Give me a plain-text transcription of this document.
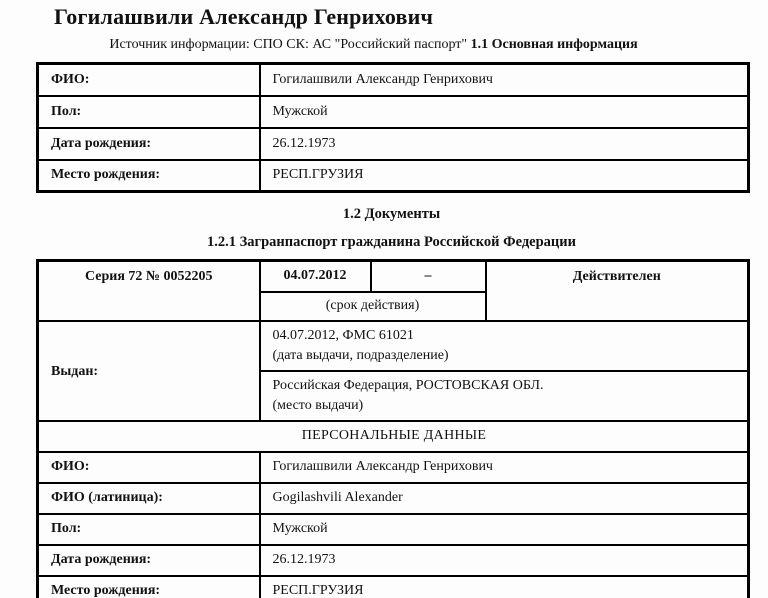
Гогилашвили Александр Генрихович

Источник информации: СПО СК: АС "Российский паспорт" 1.1 Основная информация

ФИО:	Гогилашвили Александр Генрихович
Пол:	Мужской
Дата рождения:	26.12.1973
Место рождения:	РЕСП.ГРУЗИЯ
1.2 Документы
1.2.1 Загранпаспорт гражданина Российской Федерации
Серия 72 № 0052205	04.07.2012	–	Действителен
	(срок действия)		
Выдан:	04.07.2012, ФМС 61021
(дата выдачи, подразделение)		

	Российская Федерация, РОСТОВСКАЯ ОБЛ.
(место выдачи)		

ПЕРСОНАЛЬНЫЕ ДАННЫЕ			
ФИО:	Гогилашвили Александр Генрихович		
ФИО (латиница):	Gogilashvili Alexander		
Пол:	Мужской		
Дата рождения:	26.12.1973		
Место рождения:	РЕСП.ГРУЗИЯ		
